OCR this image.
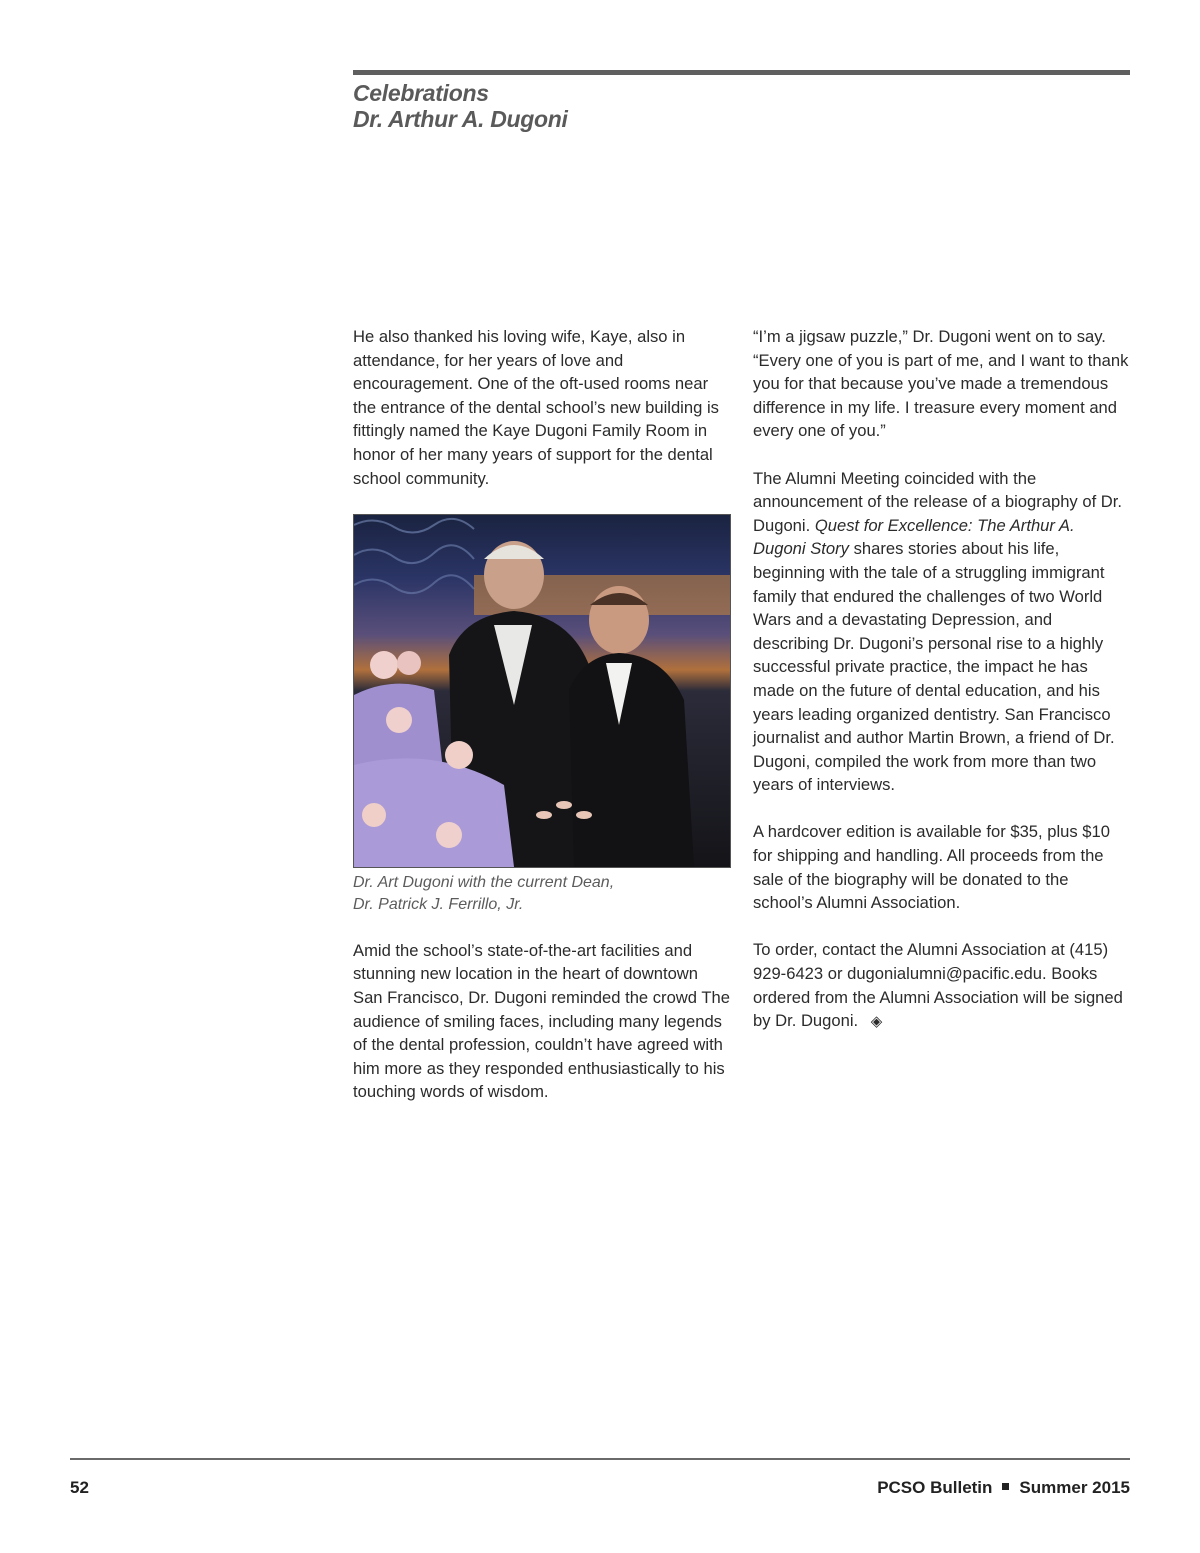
Celebrations
Dr. Arthur A. Dugoni

He also thanked his loving wife, Kaye, also in attendance, for her years of love and encouragement. One of the oft-used rooms near the entrance of the dental school’s new building is fittingly named the Kaye Dugoni Family Room in honor of her many years of support for the dental school community.

Dr. Art Dugoni with the current Dean,
Dr. Patrick J. Ferrillo, Jr.

Amid the school’s state-of-the-art facilities and stunning new location in the heart of downtown San Francisco, Dr. Dugoni reminded the crowd The audience of smiling faces, including many legends of the dental profession, couldn’t have agreed with him more as they responded enthusiastically to his touching words of wisdom.

“I’m a jigsaw puzzle,” Dr. Dugoni went on to say. “Every one of you is part of me, and I want to thank you for that because you’ve made a tremendous difference in my life. I treasure every moment and every one of you.”

The Alumni Meeting coincided with the announcement of the release of a biography of Dr. Dugoni. Quest for Excellence: The Arthur A. Dugoni Story shares stories about his life, beginning with the tale of a struggling immigrant family that endured the challenges of two World Wars and a devastating Depression, and describing Dr. Dugoni’s personal rise to a highly successful private practice, the impact he has made on the future of dental education, and his years leading organized dentistry. San Francisco journalist and author Martin Brown, a friend of Dr. Dugoni, compiled the work from more than two years of interviews.

A hardcover edition is available for $35, plus $10 for shipping and handling. All proceeds from the sale of the biography will be donated to the school’s Alumni Association.

To order, contact the Alumni Association at (415) 929-6423 or dugonialumni@pacific.edu. Books ordered from the Alumni Association will be signed by Dr. Dugoni. ◈

52	PCSO Bulletin Summer 2015
